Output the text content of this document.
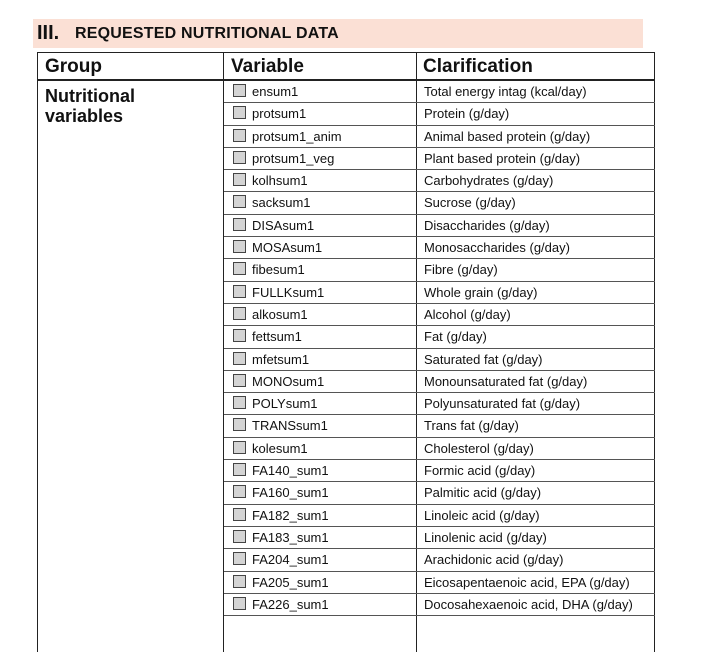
III. REQUESTED NUTRITIONAL DATA
Group	Variable	Clarification
Nutritional variables
ensum1	Total energy intag (kcal/day)
protsum1	Protein (g/day)
protsum1_anim	Animal based protein (g/day)
protsum1_veg	Plant based protein (g/day)
kolhsum1	Carbohydrates (g/day)
sacksum1	Sucrose (g/day)
DISAsum1	Disaccharides (g/day)
MOSAsum1	Monosaccharides (g/day)
fibesum1	Fibre (g/day)
FULLKsum1	Whole grain (g/day)
alkosum1	Alcohol (g/day)
fettsum1	Fat (g/day)
mfetsum1	Saturated fat (g/day)
MONOsum1	Monounsaturated fat (g/day)
POLYsum1	Polyunsaturated fat (g/day)
TRANSsum1	Trans fat (g/day)
kolesum1	Cholesterol (g/day)
FA140_sum1	Formic acid (g/day)
FA160_sum1	Palmitic acid (g/day)
FA182_sum1	Linoleic acid (g/day)
FA183_sum1	Linolenic acid (g/day)
FA204_sum1	Arachidonic acid (g/day)
FA205_sum1	Eicosapentaenoic acid, EPA (g/day)
FA226_sum1	Docosahexaenoic acid, DHA (g/day)
